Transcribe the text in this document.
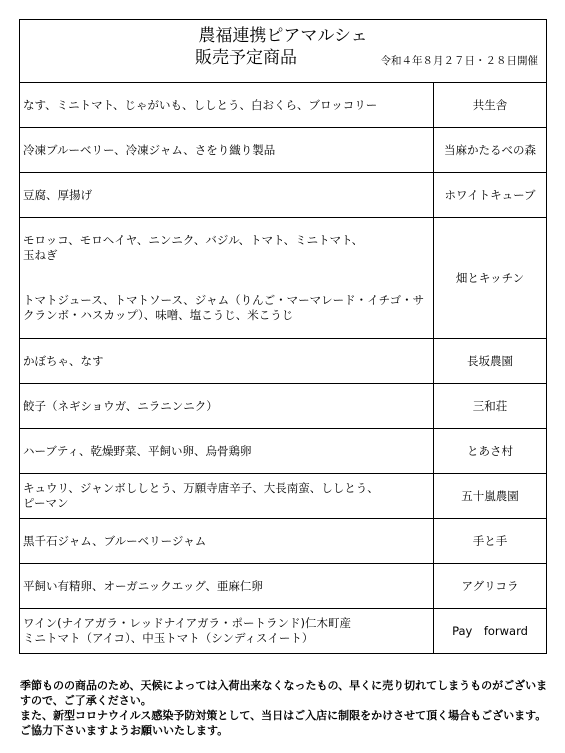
農福連携ピアマルシェ
販売予定商品 令和４年８月２７日・２８日開催	

なす、ミニトマト、じゃがいも、ししとう、白おくら、ブロッコリー	共生舎

冷凍ブルーベリー、冷凍ジャム、さをり織り製品	当麻かたるべの森

豆腐、厚揚げ	ホワイトキューブ

モロッコ、モロヘイヤ、ニンニク、バジル、トマト、ミニトマト、
玉ねぎ
トマトジュース、トマトソース、ジャム（りんご・マーマレード・イチゴ・サクランボ・ハスカップ）、味噌、塩こうじ、米こうじ	畑とキッチン

かぼちゃ、なす	長坂農園

餃子（ネギショウガ、ニラニンニク）	三和荘

ハーブティ、乾燥野菜、平飼い卵、烏骨鶏卵	とあさ村

キュウリ、ジャンボししとう、万願寺唐辛子、大長南蛮、ししとう、
ピーマン	五十嵐農園

黒千石ジャム、ブルーベリージャム	手と手

平飼い有精卵、オーガニックエッグ、亜麻仁卵	アグリコラ

ワイン(ナイアガラ・レッドナイアガラ・ポートランド)仁木町産
ミニトマト（アイコ）、中玉トマト（シンディスイート）	Pay　forward

季節ものの商品のため、天候によっては入荷出来なくなったもの、早くに売り切れてしまうものがございますので、ご了承ください。

また、新型コロナウイルス感染予防対策として、当日はご入店に制限をかけさせて頂く場合もございます。ご協力下さいますようお願いいたします。
